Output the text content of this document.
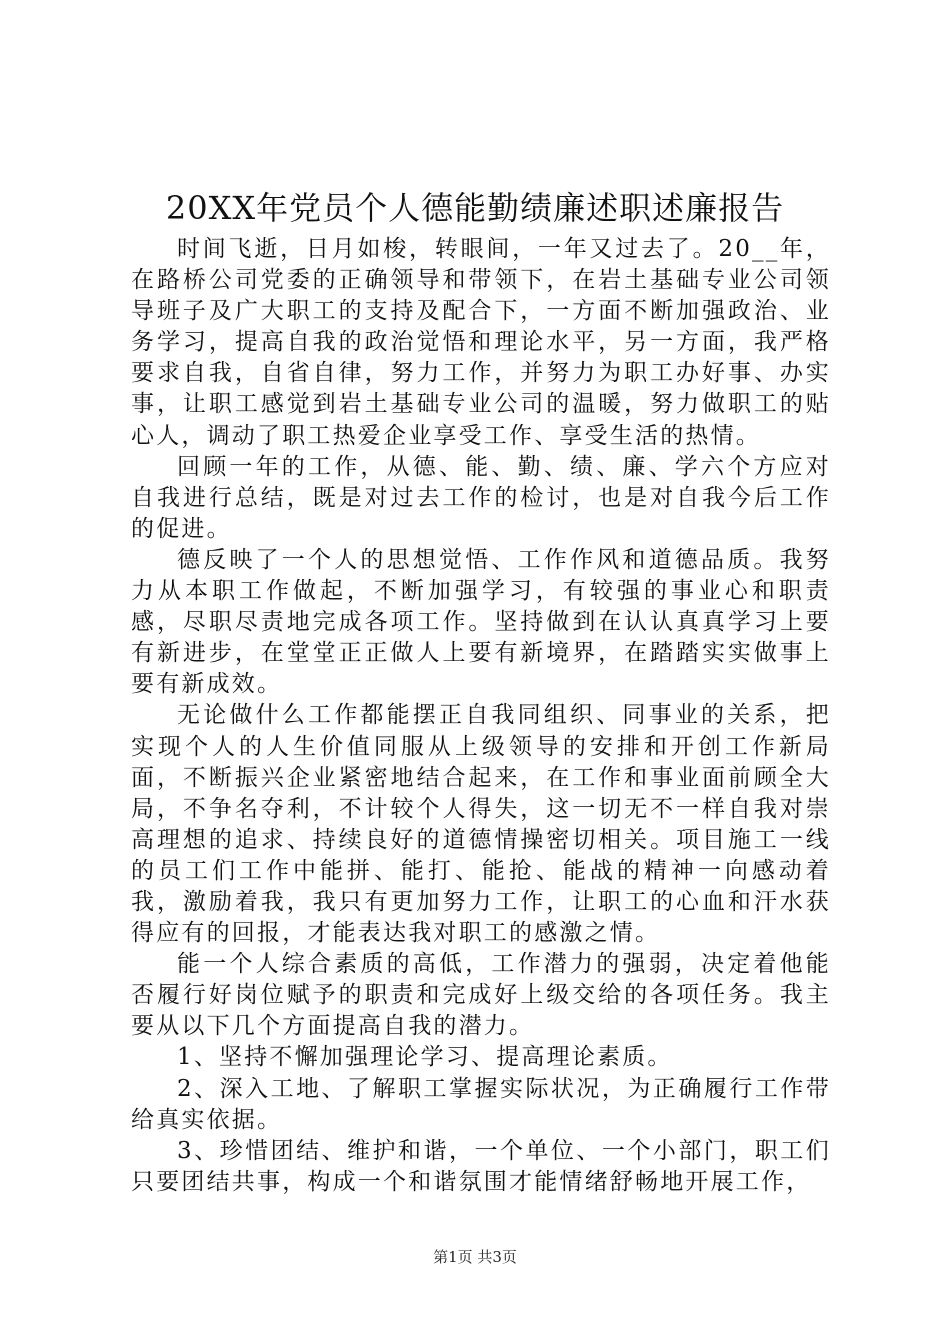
20XX年党员个人德能勤绩廉述职述廉报告

时间飞逝，日月如梭，转眼间，一年又过去了。20__年，在路桥公司党委的正确领导和带领下，在岩土基础专业公司领导班子及广大职工的支持及配合下，一方面不断加强政治、业务学习，提高自我的政治觉悟和理论水平，另一方面，我严格要求自我，自省自律，努力工作，并努力为职工办好事、办实事，让职工感觉到岩土基础专业公司的温暖，努力做职工的贴心人，调动了职工热爱企业享受工作、享受生活的热情。

回顾一年的工作，从德、能、勤、绩、廉、学六个方应对自我进行总结，既是对过去工作的检讨，也是对自我今后工作的促进。

德反映了一个人的思想觉悟、工作作风和道德品质。我努力从本职工作做起，不断加强学习，有较强的事业心和职责感，尽职尽责地完成各项工作。坚持做到在认认真真学习上要有新进步，在堂堂正正做人上要有新境界，在踏踏实实做事上要有新成效。

无论做什么工作都能摆正自我同组织、同事业的关系，把实现个人的人生价值同服从上级领导的安排和开创工作新局面，不断振兴企业紧密地结合起来，在工作和事业面前顾全大局，不争名夺利，不计较个人得失，这一切无不一样自我对崇高理想的追求、持续良好的道德情操密切相关。项目施工一线的员工们工作中能拼、能打、能抢、能战的精神一向感动着我，激励着我，我只有更加努力工作，让职工的心血和汗水获得应有的回报，才能表达我对职工的感激之情。

能一个人综合素质的高低，工作潜力的强弱，决定着他能否履行好岗位赋予的职责和完成好上级交给的各项任务。我主要从以下几个方面提高自我的潜力。

1、坚持不懈加强理论学习、提高理论素质。

2、深入工地、了解职工掌握实际状况，为正确履行工作带给真实依据。

3、珍惜团结、维护和谐，一个单位、一个小部门，职工们只要团结共事，构成一个和谐氛围才能情绪舒畅地开展工作，

第1页 共3页
